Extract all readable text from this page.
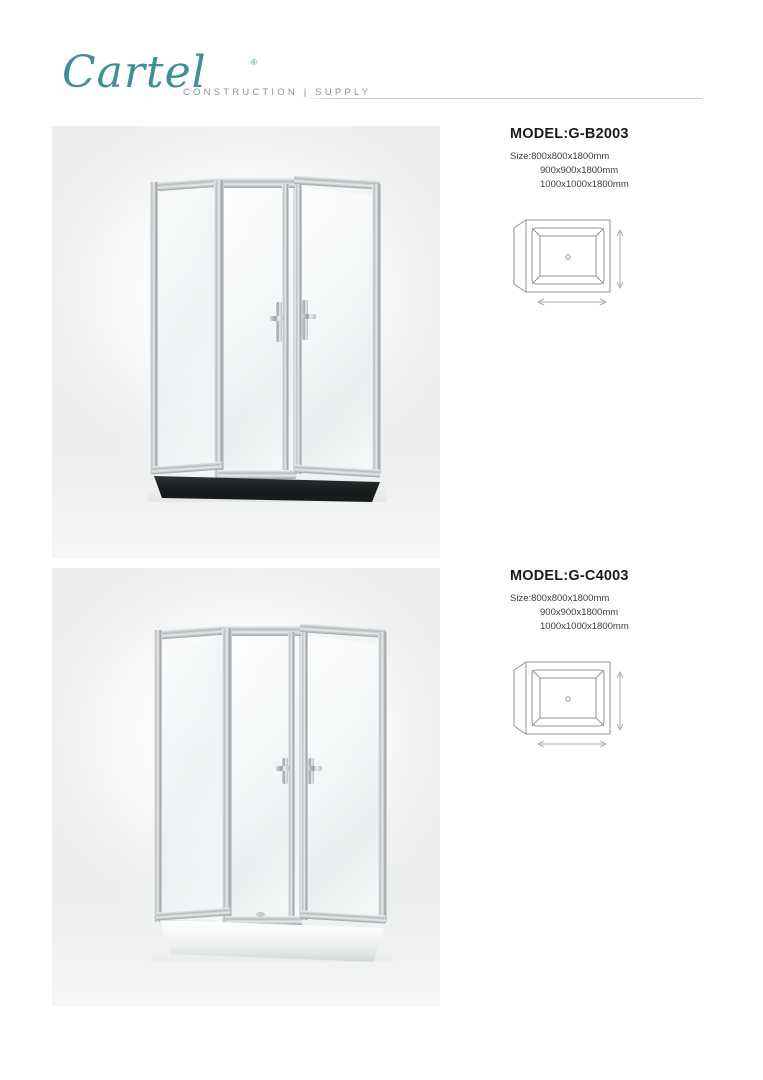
Cartel	®
CONSTRUCTION | SUPPLY
MODEL:G-B2003
Size:800x800x1800mm
900x900x1800mm
1000x1000x1800mm
MODEL:G-C4003
Size:800x800x1800mm
900x900x1800mm
1000x1000x1800mm
